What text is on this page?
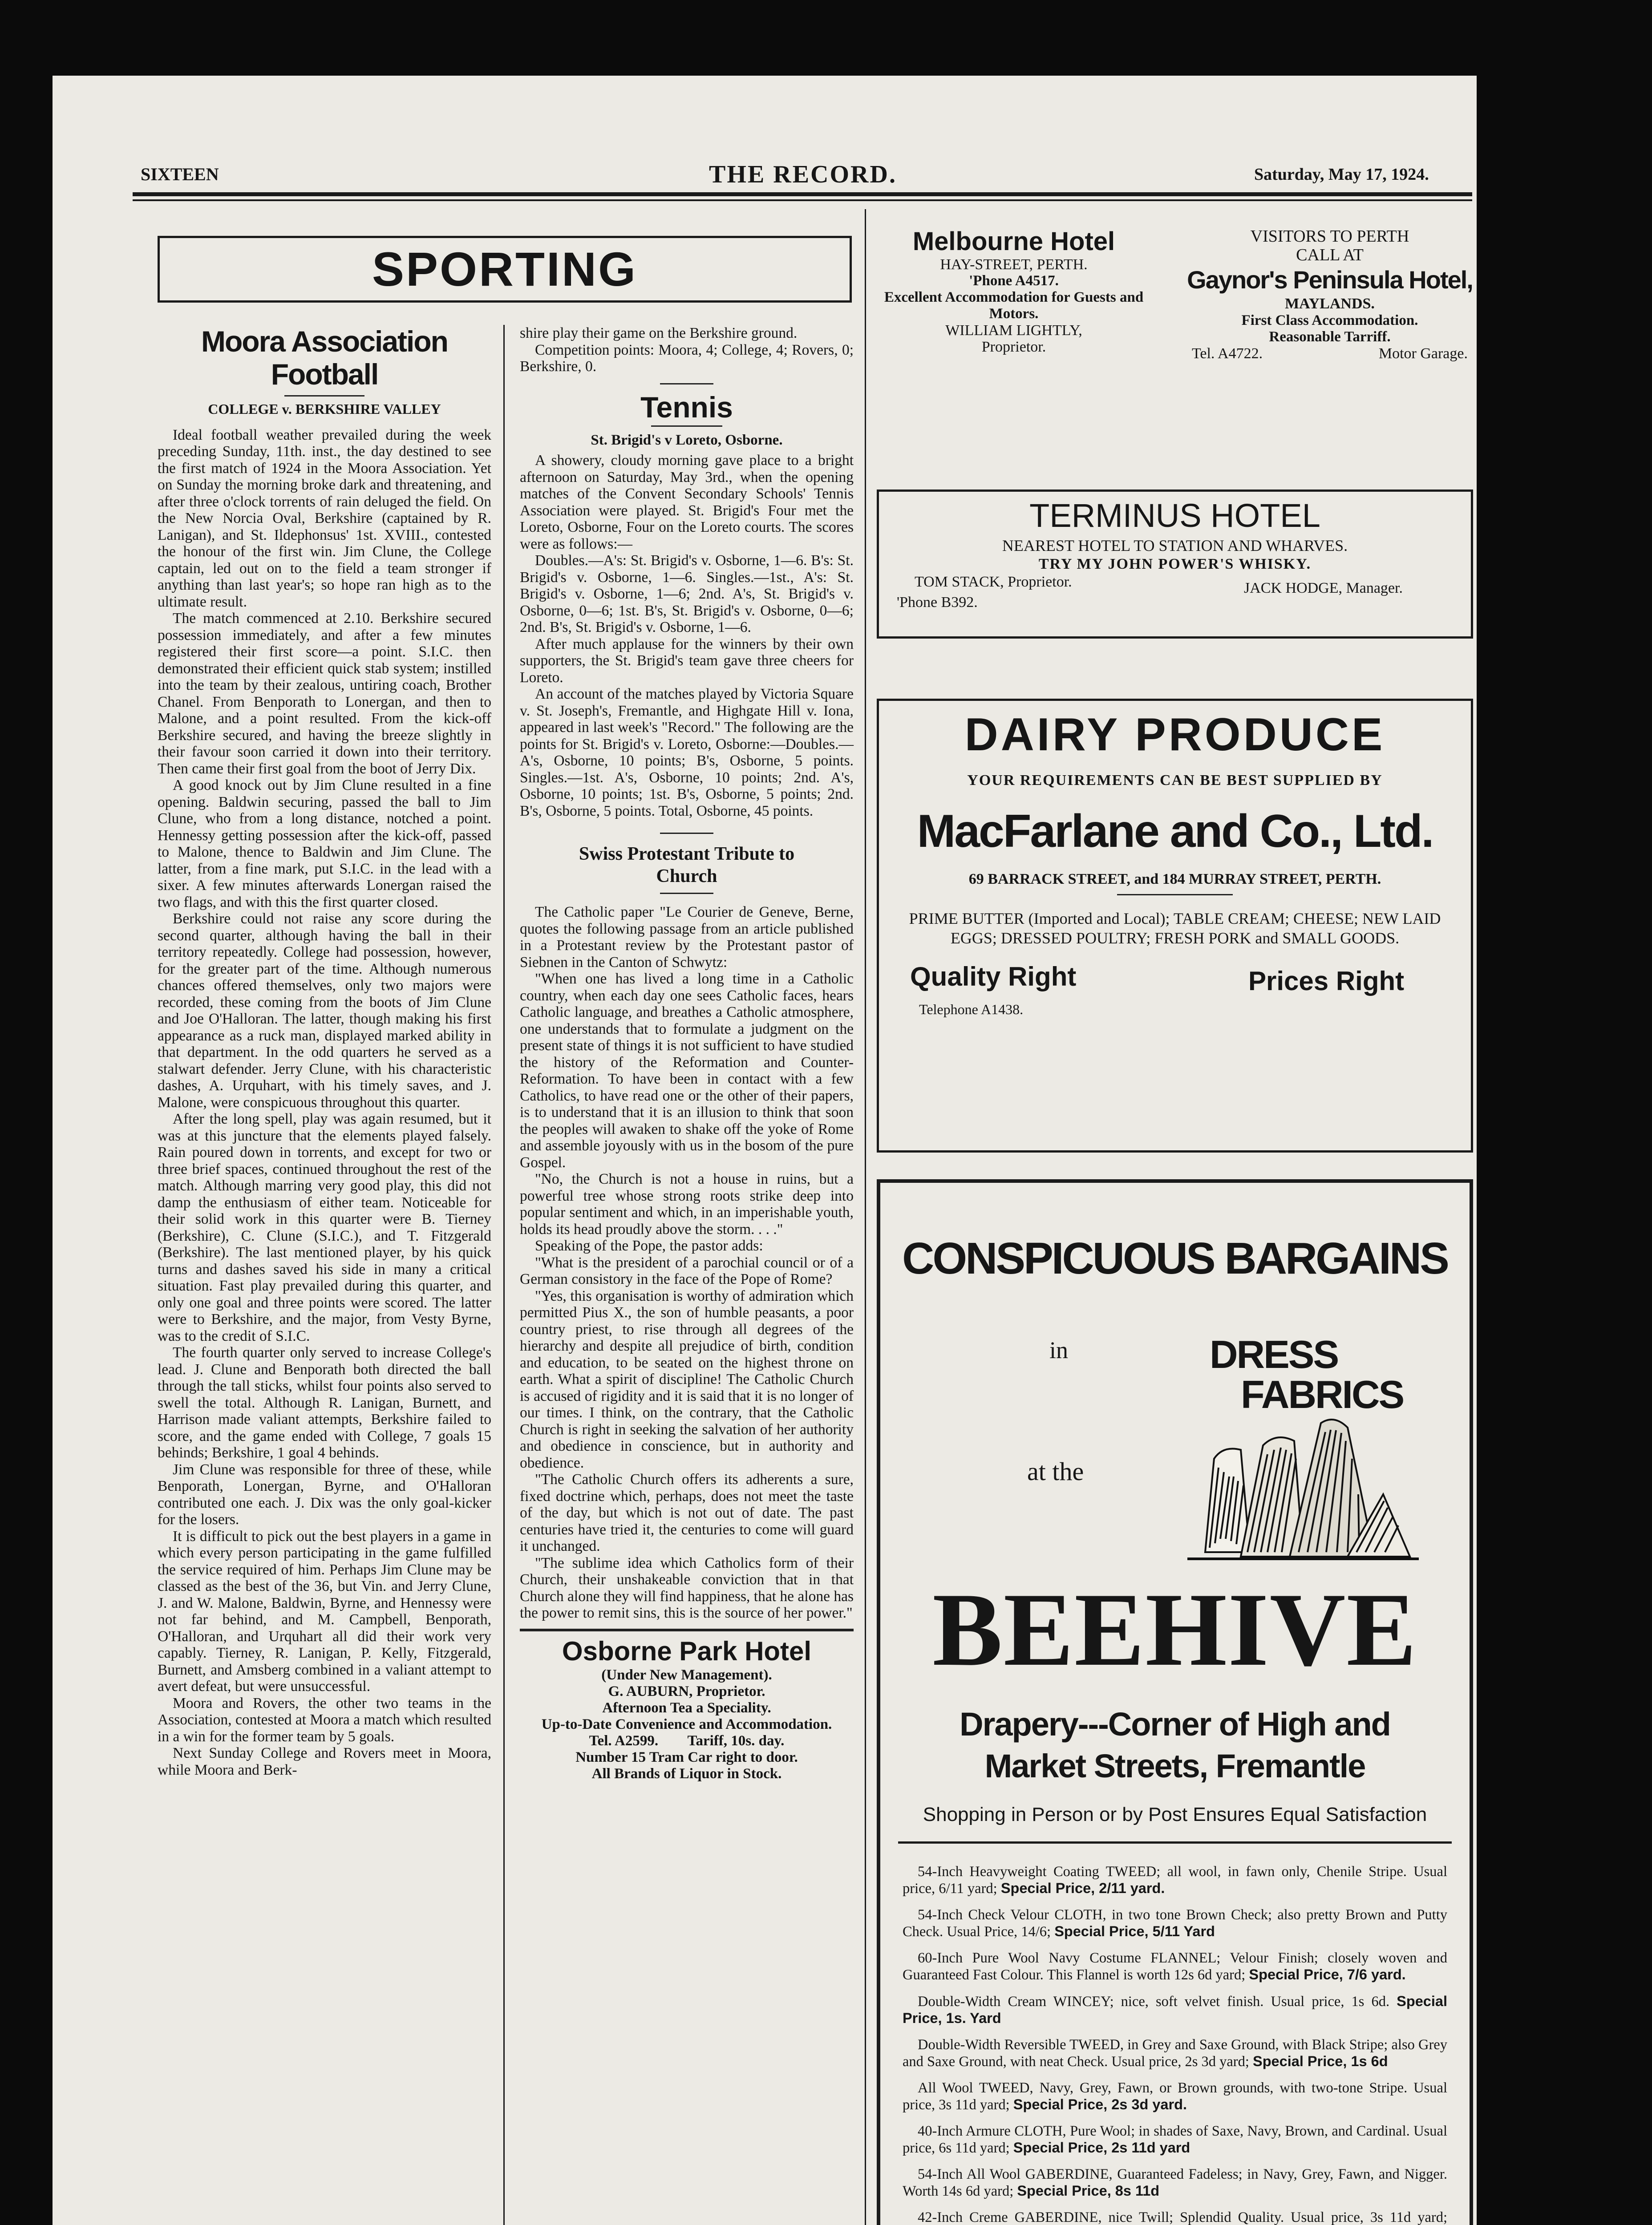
SIXTEEN	THE RECORD.	Saturday, May 17, 1924.
SPORTING
Moora Association Football
COLLEGE v. BERKSHIRE VALLEY

Ideal football weather prevailed during the week preceding Sunday, 11th. inst., the day destined to see the first match of 1924 in the Moora Association. Yet on Sunday the morning broke dark and threatening, and after three o'clock torrents of rain deluged the field. On the New Norcia Oval, Berkshire (captained by R. Lanigan), and St. Ildephonsus' 1st. XVIII., contested the honour of the first win. Jim Clune, the College captain, led out on to the field a team stronger if anything than last year's; so hope ran high as to the ultimate result.

The match commenced at 2.10. Berkshire secured possession immediately, and after a few minutes registered their first score—a point. S.I.C. then demonstrated their efficient quick stab system; instilled into the team by their zealous, untiring coach, Brother Chanel. From Benporath to Lonergan, and then to Malone, and a point resulted. From the kick-off Berkshire secured, and having the breeze slightly in their favour soon carried it down into their territory. Then came their first goal from the boot of Jerry Dix.

A good knock out by Jim Clune resulted in a fine opening. Baldwin securing, passed the ball to Jim Clune, who from a long distance, notched a point. Hennessy getting possession after the kick-off, passed to Malone, thence to Baldwin and Jim Clune. The latter, from a fine mark, put S.I.C. in the lead with a sixer. A few minutes afterwards Lonergan raised the two flags, and with this the first quarter closed.

Berkshire could not raise any score during the second quarter, although having the ball in their territory repeatedly. College had possession, however, for the greater part of the time. Although numerous chances offered themselves, only two majors were recorded, these coming from the boots of Jim Clune and Joe O'Halloran. The latter, though making his first appearance as a ruck man, displayed marked ability in that department. In the odd quarters he served as a stalwart defender. Jerry Clune, with his characteristic dashes, A. Urquhart, with his timely saves, and J. Malone, were conspicuous throughout this quarter.

After the long spell, play was again resumed, but it was at this juncture that the elements played falsely. Rain poured down in torrents, and except for two or three brief spaces, continued throughout the rest of the match. Although marring very good play, this did not damp the enthusiasm of either team. Noticeable for their solid work in this quarter were B. Tierney (Berkshire), C. Clune (S.I.C.), and T. Fitzgerald (Berkshire). The last mentioned player, by his quick turns and dashes saved his side in many a critical situation. Fast play prevailed during this quarter, and only one goal and three points were scored. The latter were to Berkshire, and the major, from Vesty Byrne, was to the credit of S.I.C.

The fourth quarter only served to increase College's lead. J. Clune and Benporath both directed the ball through the tall sticks, whilst four points also served to swell the total. Although R. Lanigan, Burnett, and Harrison made valiant attempts, Berkshire failed to score, and the game ended with College, 7 goals 15 behinds; Berkshire, 1 goal 4 behinds.

Jim Clune was responsible for three of these, while Benporath, Lonergan, Byrne, and O'Halloran contributed one each. J. Dix was the only goal-kicker for the losers.

It is difficult to pick out the best players in a game in which every person participating in the game fulfilled the service required of him. Perhaps Jim Clune may be classed as the best of the 36, but Vin. and Jerry Clune, J. and W. Malone, Baldwin, Byrne, and Hennessy were not far behind, and M. Campbell, Benporath, O'Halloran, and Urquhart all did their work very capably. Tierney, R. Lanigan, P. Kelly, Fitzgerald, Burnett, and Amsberg combined in a valiant attempt to avert defeat, but were unsuccessful.

Moora and Rovers, the other two teams in the Association, contested at Moora a match which resulted in a win for the former team by 5 goals.

Next Sunday College and Rovers meet in Moora, while Moora and Berk-

shire play their game on the Berkshire ground.

Competition points: Moora, 4; College, 4; Rovers, 0; Berkshire, 0.

Tennis
St. Brigid's v Loreto, Osborne.

A showery, cloudy morning gave place to a bright afternoon on Saturday, May 3rd., when the opening matches of the Convent Secondary Schools' Tennis Association were played. St. Brigid's Four met the Loreto, Osborne, Four on the Loreto courts. The scores were as follows:—

Doubles.—A's: St. Brigid's v. Osborne, 1—6. B's: St. Brigid's v. Osborne, 1—6. Singles.—1st., A's: St. Brigid's v. Osborne, 1—6; 2nd. A's, St. Brigid's v. Osborne, 0—6; 1st. B's, St. Brigid's v. Osborne, 0—6; 2nd. B's, St. Brigid's v. Osborne, 1—6.

After much applause for the winners by their own supporters, the St. Brigid's team gave three cheers for Loreto.

An account of the matches played by Victoria Square v. St. Joseph's, Fremantle, and Highgate Hill v. Iona, appeared in last week's "Record." The following are the points for St. Brigid's v. Loreto, Osborne:—Doubles.—A's, Osborne, 10 points; B's, Osborne, 5 points. Singles.—1st. A's, Osborne, 10 points; 2nd. A's, Osborne, 10 points; 1st. B's, Osborne, 5 points; 2nd. B's, Osborne, 5 points. Total, Osborne, 45 points.

Swiss Protestant Tribute to Church

The Catholic paper "Le Courier de Geneve, Berne, quotes the following passage from an article published in a Protestant review by the Protestant pastor of Siebnen in the Canton of Schwytz:

"When one has lived a long time in a Catholic country, when each day one sees Catholic faces, hears Catholic language, and breathes a Catholic atmosphere, one understands that to formulate a judgment on the present state of things it is not sufficient to have studied the history of the Reformation and Counter-Reformation. To have been in contact with a few Catholics, to have read one or the other of their papers, is to understand that it is an illusion to think that soon the peoples will awaken to shake off the yoke of Rome and assemble joyously with us in the bosom of the pure Gospel.

"No, the Church is not a house in ruins, but a powerful tree whose strong roots strike deep into popular sentiment and which, in an imperishable youth, holds its head proudly above the storm. . . ."

Speaking of the Pope, the pastor adds:

"What is the president of a parochial council or of a German consistory in the face of the Pope of Rome?

"Yes, this organisation is worthy of admiration which permitted Pius X., the son of humble peasants, a poor country priest, to rise through all degrees of the hierarchy and despite all prejudice of birth, condition and education, to be seated on the highest throne on earth. What a spirit of discipline! The Catholic Church is accused of rigidity and it is said that it is no longer of our times. I think, on the contrary, that the Catholic Church is right in seeking the salvation of her authority and obedience in conscience, but in authority and obedience.

"The Catholic Church offers its adherents a sure, fixed doctrine which, perhaps, does not meet the taste of the day, but which is not out of date. The past centuries have tried it, the centuries to come will guard it unchanged.

"The sublime idea which Catholics form of their Church, their unshakeable conviction that in that Church alone they will find happiness, that he alone has the power to remit sins, this is the source of her power."

Osborne Park Hotel
(Under New Management).
G. AUBURN, Proprietor.
Afternoon Tea a Speciality.
Up-to-Date Convenience and Accommodation.
Tel. A2599.        Tariff, 10s. day.
Number 15 Tram Car right to door.
All Brands of Liquor in Stock.
Melbourne Hotel
HAY-STREET, PERTH.
'Phone A4517.
Excellent Accommodation for Guests and Motors.
WILLIAM LIGHTLY,
Proprietor.
VISITORS TO PERTH
CALL AT
Gaynor's Peninsula Hotel,
MAYLANDS.
First Class Accommodation.
Reasonable Tarriff.
Tel. A4722.	Motor Garage.
TERMINUS HOTEL
NEAREST HOTEL TO STATION AND WHARVES.
TRY MY JOHN POWER'S WHISKY.
TOM STACK, Proprietor.
'Phone B392.
JACK HODGE, Manager.
DAIRY PRODUCE
YOUR REQUIREMENTS CAN BE BEST SUPPLIED BY
MacFarlane and Co., Ltd.
69 BARRACK STREET, and 184 MURRAY STREET, PERTH.
PRIME BUTTER (Imported and Local); TABLE CREAM; CHEESE; NEW LAID EGGS; DRESSED POULTRY; FRESH PORK and SMALL GOODS.
Quality Right	Prices Right
Telephone A1438.
CONSPICUOUS BARGAINS
in	DRESS
FABRICS
at the
BEEHIVE
Drapery---Corner of High and Market Streets, Fremantle
Shopping in Person or by Post Ensures Equal Satisfaction

54-Inch Heavyweight Coating TWEED; all wool, in fawn only, Chenile Stripe. Usual price, 6/11 yard; Special Price, 2/11 yard.

54-Inch Check Velour CLOTH, in two tone Brown Check; also pretty Brown and Putty Check. Usual Price, 14/6; Special Price, 5/11 Yard

60-Inch Pure Wool Navy Costume FLANNEL; Velour Finish; closely woven and Guaranteed Fast Colour. This Flannel is worth 12s 6d yard; Special Price, 7/6 yard.

Double-Width Cream WINCEY; nice, soft velvet finish. Usual price, 1s 6d. Special Price, 1s. Yard

Double-Width Reversible TWEED, in Grey and Saxe Ground, with Black Stripe; also Grey and Saxe Ground, with neat Check. Usual price, 2s 3d yard; Special Price, 1s 6d

All Wool TWEED, Navy, Grey, Fawn, or Brown grounds, with two-tone Stripe. Usual price, 3s 11d yard; Special Price, 2s 3d yard.

40-Inch Armure CLOTH, Pure Wool; in shades of Saxe, Navy, Brown, and Cardinal. Usual price, 6s 11d yard; Special Price, 2s 11d yard

54-Inch All Wool GABERDINE, Guaranteed Fadeless; in Navy, Grey, Fawn, and Nigger. Worth 14s 6d yard; Special Price, 8s 11d

42-Inch Creme GABERDINE, nice Twill; Splendid Quality. Usual price, 3s 11d yard;
